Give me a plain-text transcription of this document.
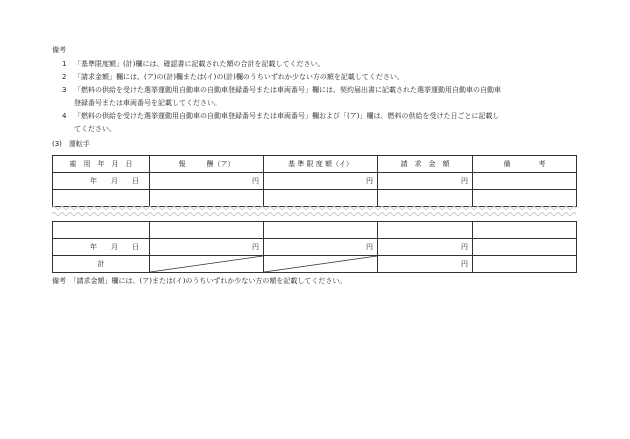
備考
1	「基準限度額」(計)欄には、確認書に記載された額の合計を記載してください。
2	「請求金額」欄には、(ア)の(計)欄または(イ)の(計)欄のうちいずれか少ない方の額を記載してください。
3	「燃料の供給を受けた選挙運動用自動車の自動車登録番号または車両番号」欄には、契約届出書に記載された選挙運動用自動車の自動車
登録番号または車両番号を記載してください。
4	「燃料の供給を受けた選挙運動用自動車の自動車登録番号または車両番号」欄および「(ア)」欄は、燃料の供給を受けた日ごとに記載し
てください。
(3)　運転手
雇　用　年　月　日	報　　　酬（ア）	基 準 限 度 額（イ）	請　求　金　額	備　　　　考
年　　月　　日	円	円	円	

年　　月　　日	円	円	円	
計			円	
備考　「請求金額」欄には、(ア)または(イ)のうちいずれか少ない方の額を記載してください。
